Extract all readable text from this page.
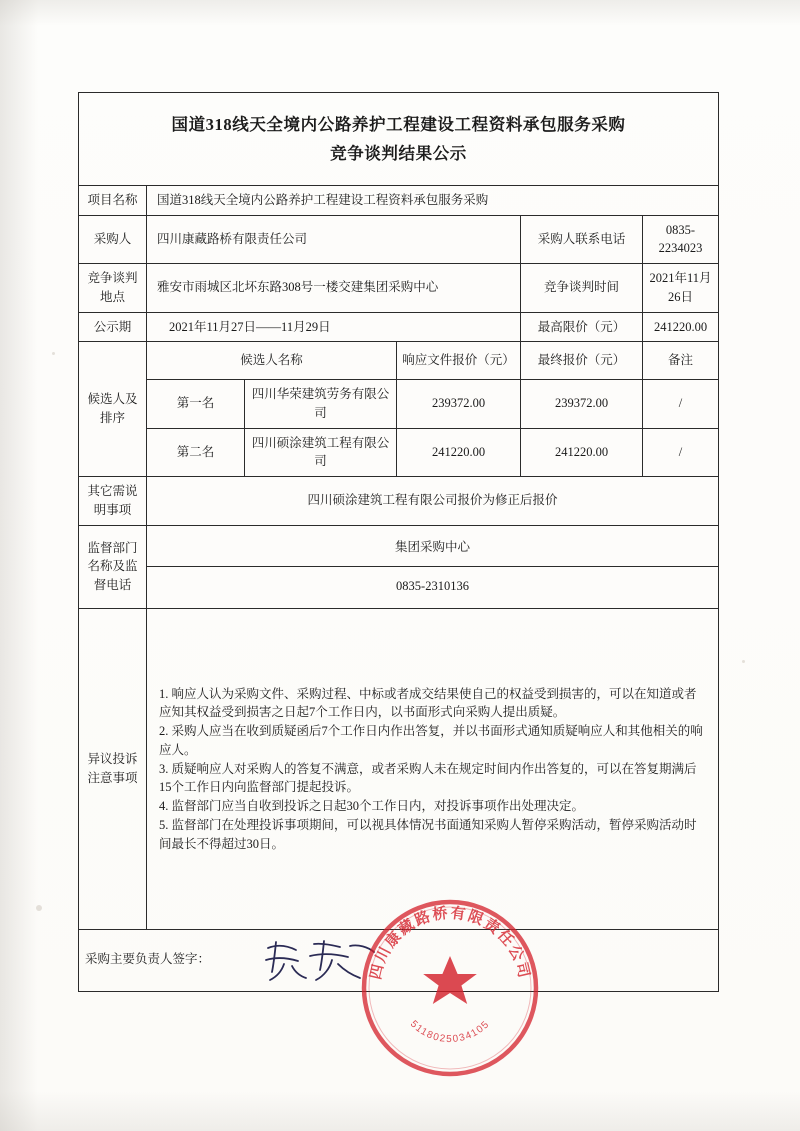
国道318线天全境内公路养护工程建设工程资料承包服务采购
竞争谈判结果公示					

项目名称	国道318线天全境内公路养护工程建设工程资料承包服务采购				
采购人	四川康藏路桥有限责任公司			采购人联系电话	0835-2234023
竞争谈判地点	雅安市雨城区北坏东路308号一楼交建集团采购中心			竞争谈判时间	2021年11月26日
公示期	2021年11月27日——11月29日			最高限价（元）	241220.00
候选人及排序	候选人名称		响应文件报价（元）	最终报价（元）	备注
	第一名	四川华荣建筑劳务有限公司	239372.00	239372.00	/
	第二名	四川硕涂建筑工程有限公司	241220.00	241220.00	/
其它需说明事项	四川硕涂建筑工程有限公司报价为修正后报价				
监督部门名称及监督电话	集团采购中心				
	0835-2310136				
异议投诉注意事项	1. 响应人认为采购文件、采购过程、中标或者成交结果使自己的权益受到损害的，可以在知道或者应知其权益受到损害之日起7个工作日内，以书面形式向采购人提出质疑。

2. 采购人应当在收到质疑函后7个工作日内作出答复，并以书面形式通知质疑响应人和其他相关的响应人。

3. 质疑响应人对采购人的答复不满意，或者采购人未在规定时间内作出答复的，可以在答复期满后15个工作日内向监督部门提起投诉。

4. 监督部门应当自收到投诉之日起30个工作日内，对投诉事项作出处理决定。

5. 监督部门在处理投诉事项期间，可以视具体情况书面通知采购人暂停采购活动，暂停采购活动时间最长不得超过30日。				

采购主要负责人签字：					
四川康藏路桥有限责任公司
5118025034105
